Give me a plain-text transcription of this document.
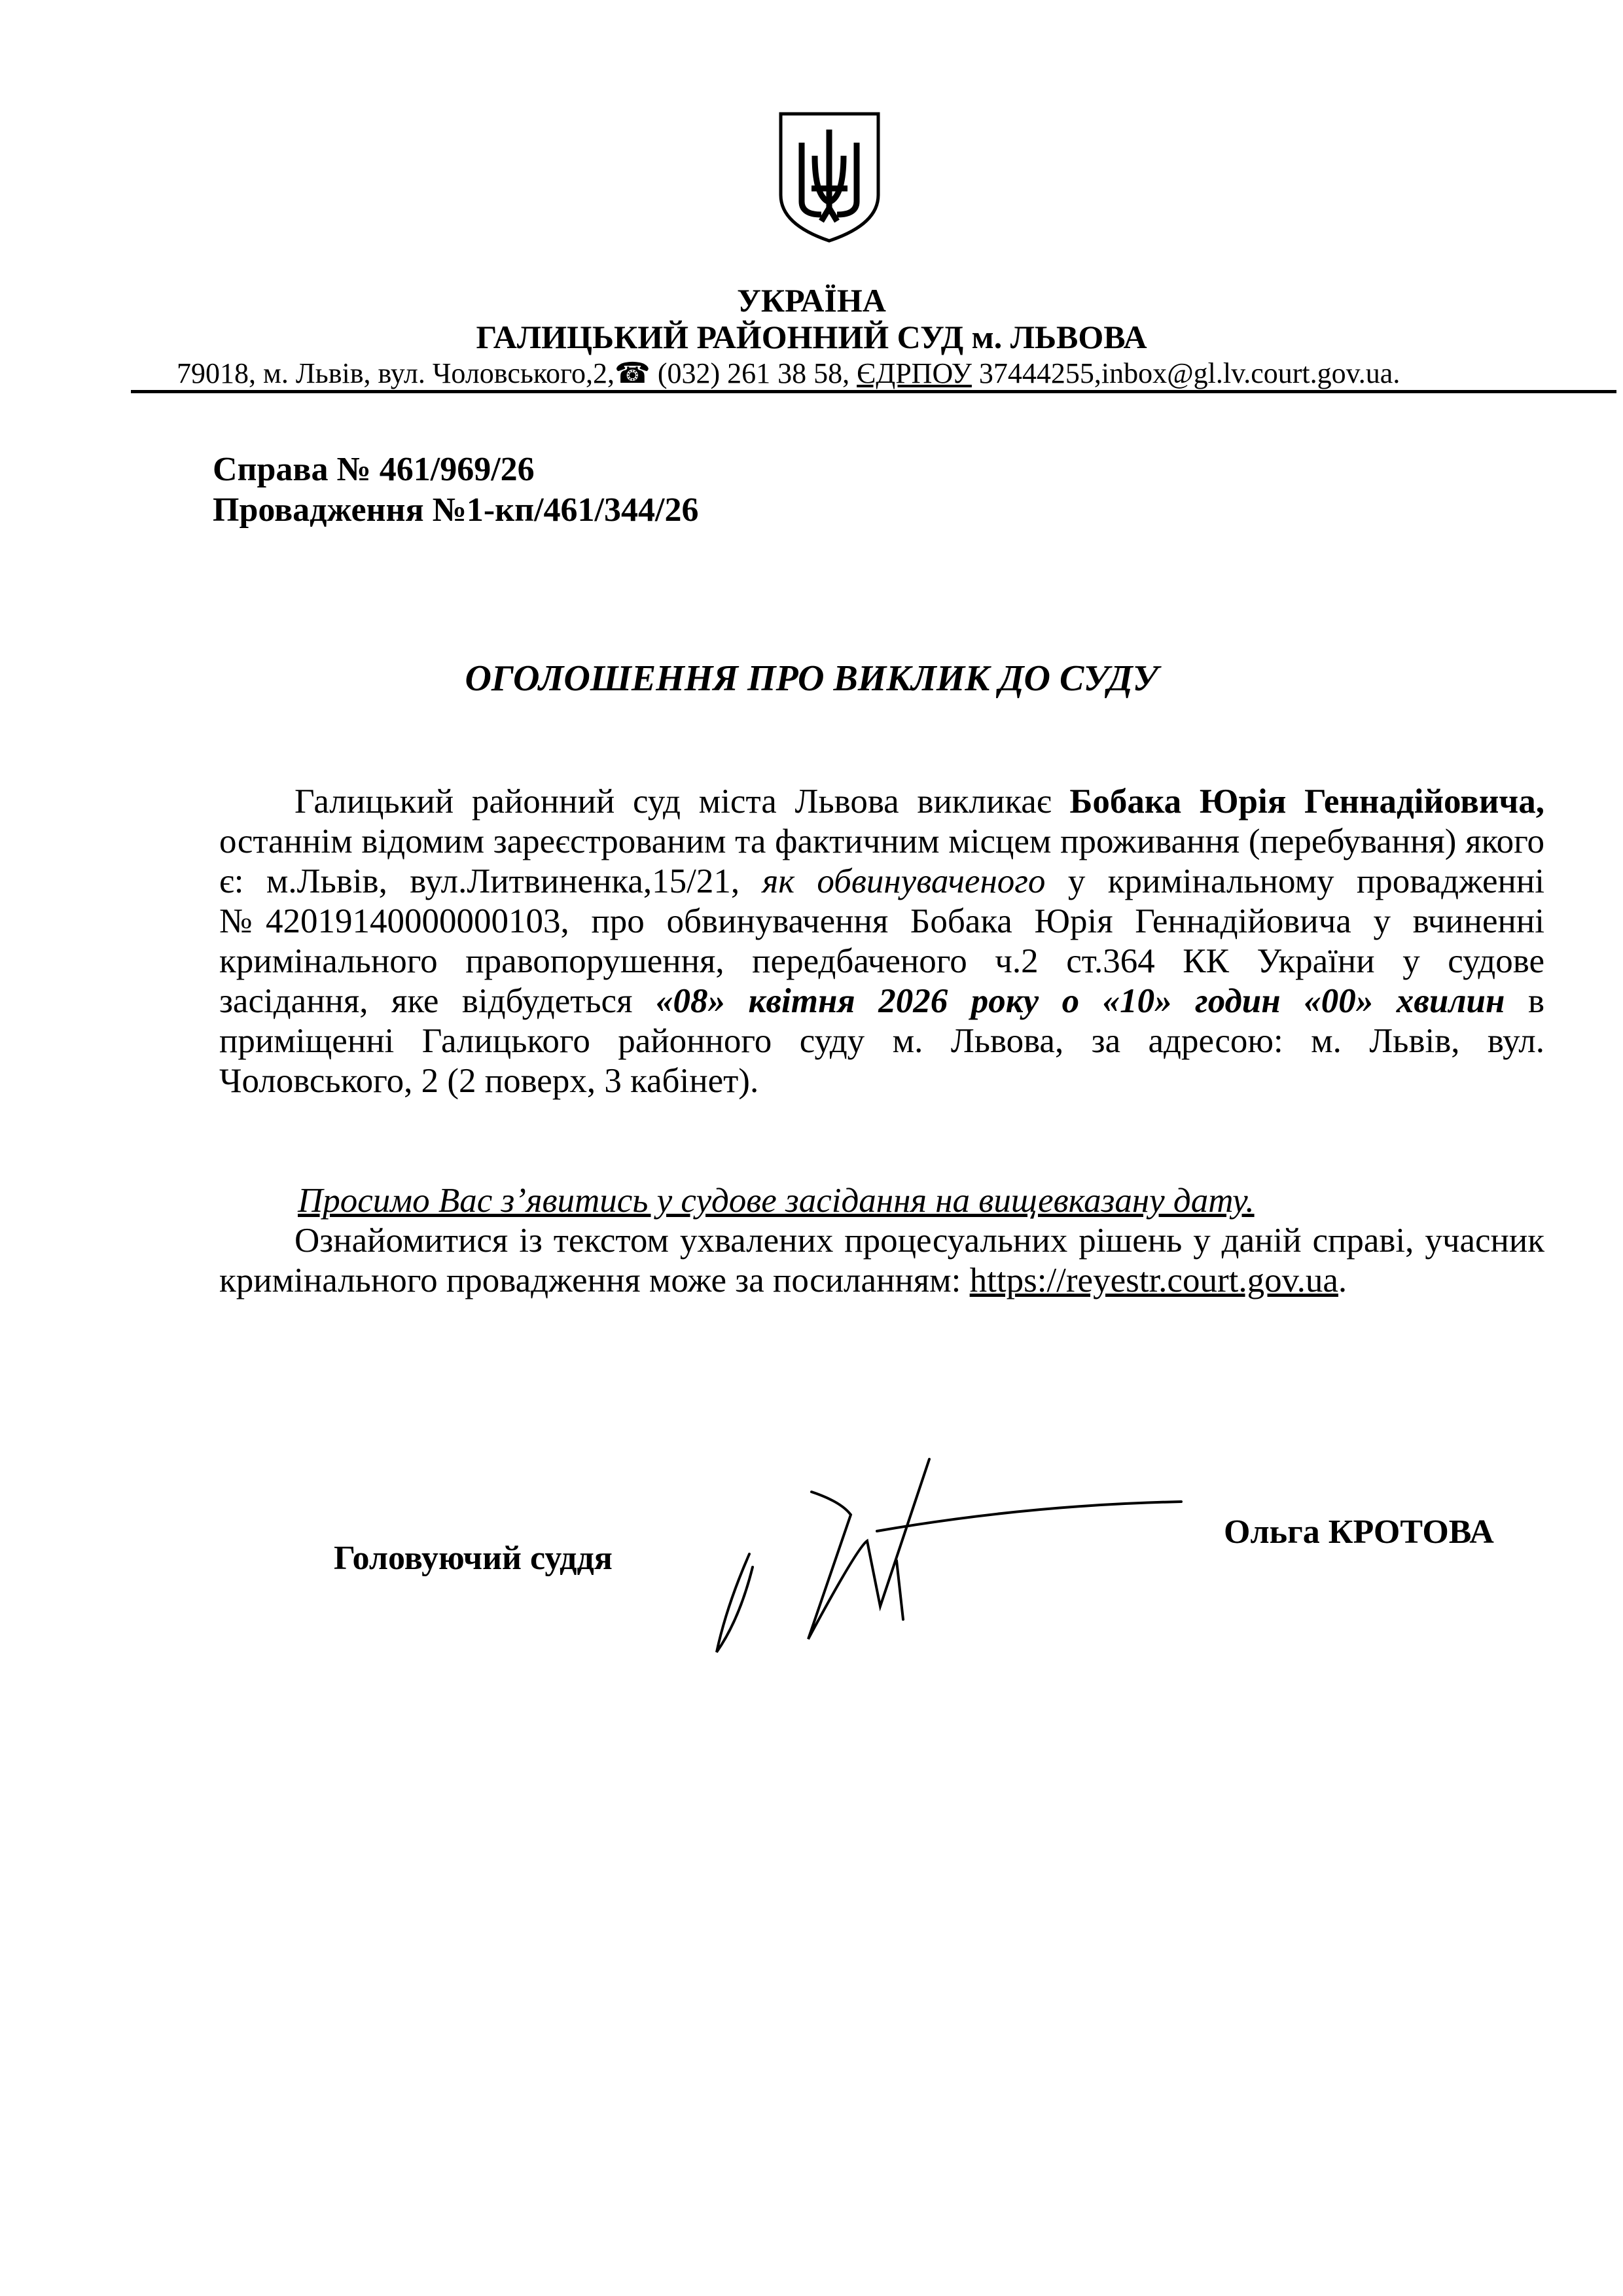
УКРАЇНА
ГАЛИЦЬКИЙ РАЙОННИЙ СУД м. ЛЬВОВА
79018, м. Львів, вул. Чоловського,2,☎ (032) 261 38 58, ЄДРПОУ 37444255,inbox@gl.lv.court.gov.ua.
Справа № 461/969/26
Провадження №1-кп/461/344/26
ОГОЛОШЕННЯ ПРО ВИКЛИК ДО СУДУ
Галицький районний суд міста Львова викликає Бобака Юрія Геннадійовича, останнім відомим зареєстрованим та фактичним місцем проживання (перебування) якого є: м.Львів, вул.Литвиненка,15/21, як обвинуваченого у кримінальному провадженні №42019140000000103, про обвинувачення Бобака Юрія Геннадійовича у вчиненні кримінального правопорушення, передбаченого ч.2 ст.364 КК України у судове засідання, яке відбудеться «08» квітня 2026 року о «10» годин «00» хвилин в приміщенні Галицького районного суду м. Львова, за адресою: м. Львів, вул. Чоловського, 2 (2 поверх, 3 кабінет).
Просимо Вас з’явитись у судове засідання на вищевказану дату.
Ознайомитися із текстом ухвалених процесуальних рішень у даній справі, учасник кримінального провадження може за посиланням: https://reyestr.court.gov.ua.
Головуючий суддя
Ольга КРОТОВА
